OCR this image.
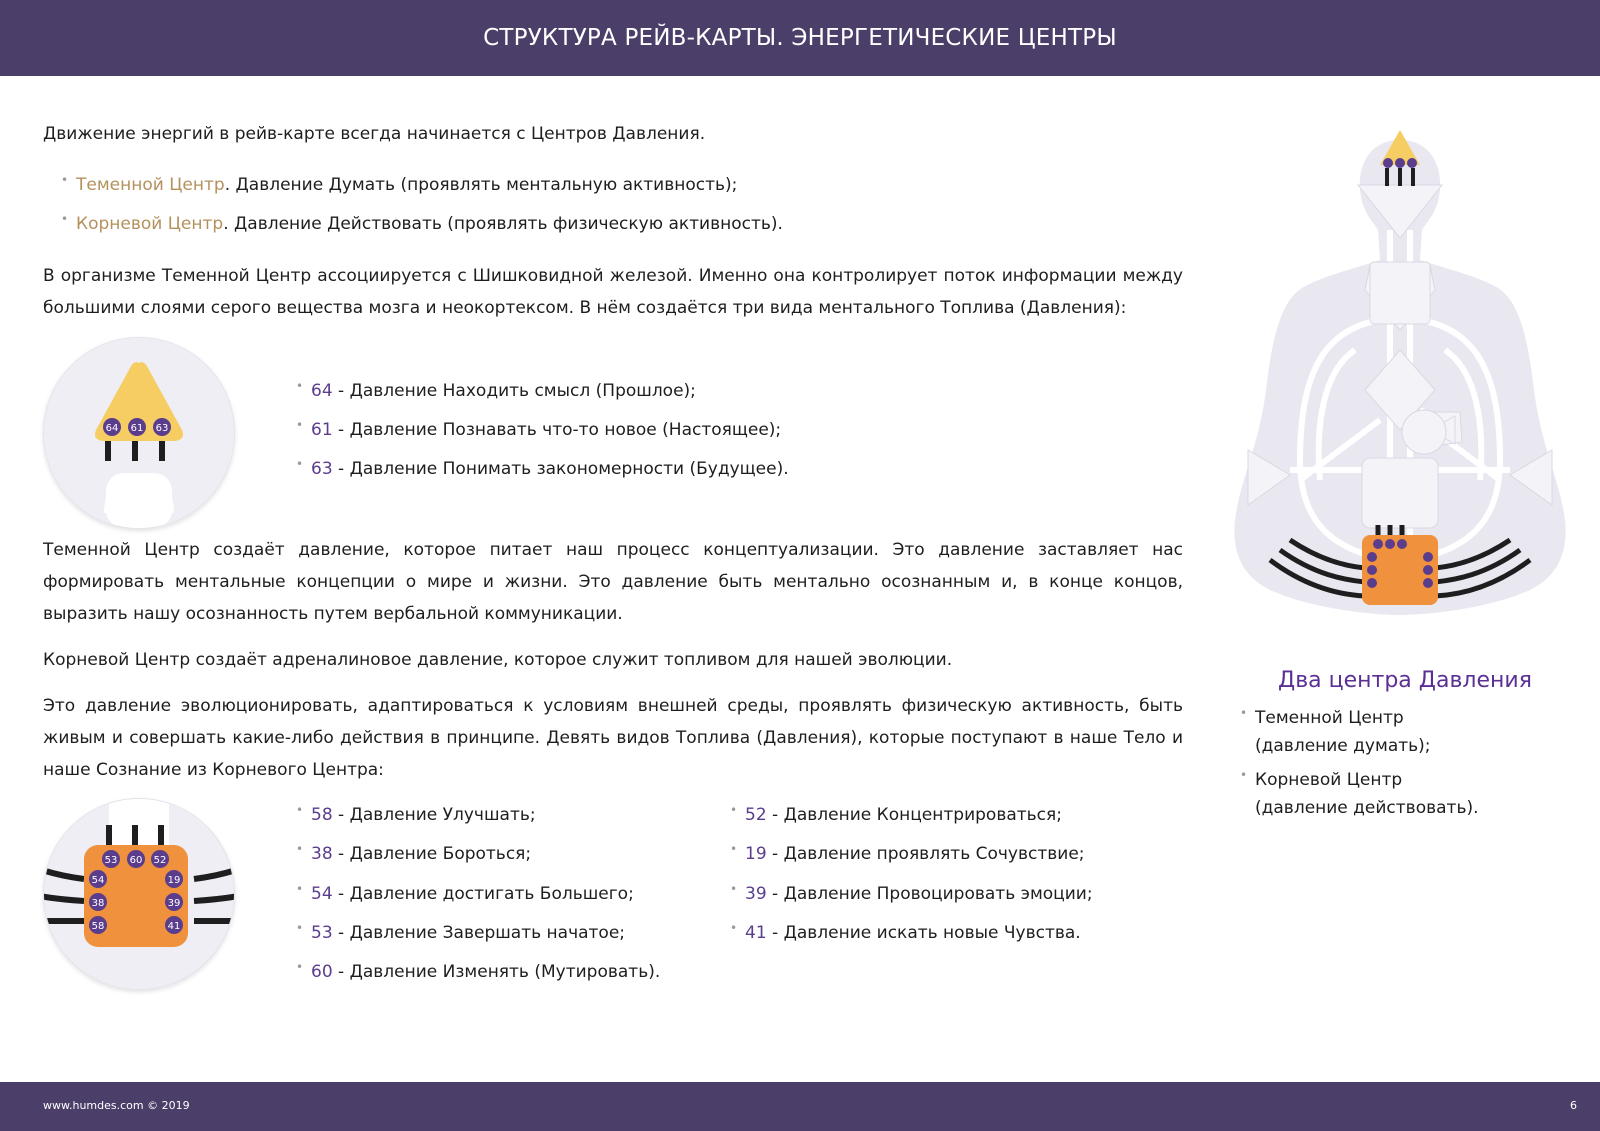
СТРУКТУРА РЕЙВ-КАРТЫ. ЭНЕРГЕТИЧЕСКИЕ ЦЕНТРЫ

Движение энергий в рейв-карте всегда начинается с Центров Давления.

• Теменной Центр. Давление Думать (проявлять ментальную активность);
• Корневой Центр. Давление Действовать (проявлять физическую активность).

В организме Теменной Центр ассоциируется с Шишковидной железой. Именно она контролирует поток информации между большими слоями серого вещества мозга и неокортексом. В нём создаётся три вида ментального Топлива (Давления):

64 61 63
• 64 - Давление Находить смысл (Прошлое);
• 61 - Давление Познавать что-то новое (Настоящее);
• 63 - Давление Понимать закономерности (Будущее).

Теменной Центр создаёт давление, которое питает наш процесс концептуализации. Это давление заставляет нас формировать ментальные концепции о мире и жизни. Это давление быть ментально осознанным и, в конце концов, выразить нашу осознанность путем вербальной коммуникации.

Корневой Центр создаёт адреналиновое давление, которое служит топливом для нашей эволюции.

Это давление эволюционировать, адаптироваться к условиям внешней среды, проявлять физическую активность, быть живым и совершать какие-либо действия в принципе. Девять видов Топлива (Давления), которые поступают в наше Тело и наше Сознание из Корневого Центра:

53 60 52
54
38
58
19
39
41
• 58 - Давление Улучшать;
• 38 - Давление Бороться;
• 54 - Давление достигать Большего;
• 53 - Давление Завершать начатое;
• 60 - Давление Изменять (Мутировать).
• 52 - Давление Концентрироваться;
• 19 - Давление проявлять Сочувствие;
• 39 - Давление Провоцировать эмоции;
• 41 - Давление искать новые Чувства.
Два центра Давления
• Теменной Центр
(давление думать);
• Корневой Центр
(давление действовать).
www.humdes.com © 2019	6
